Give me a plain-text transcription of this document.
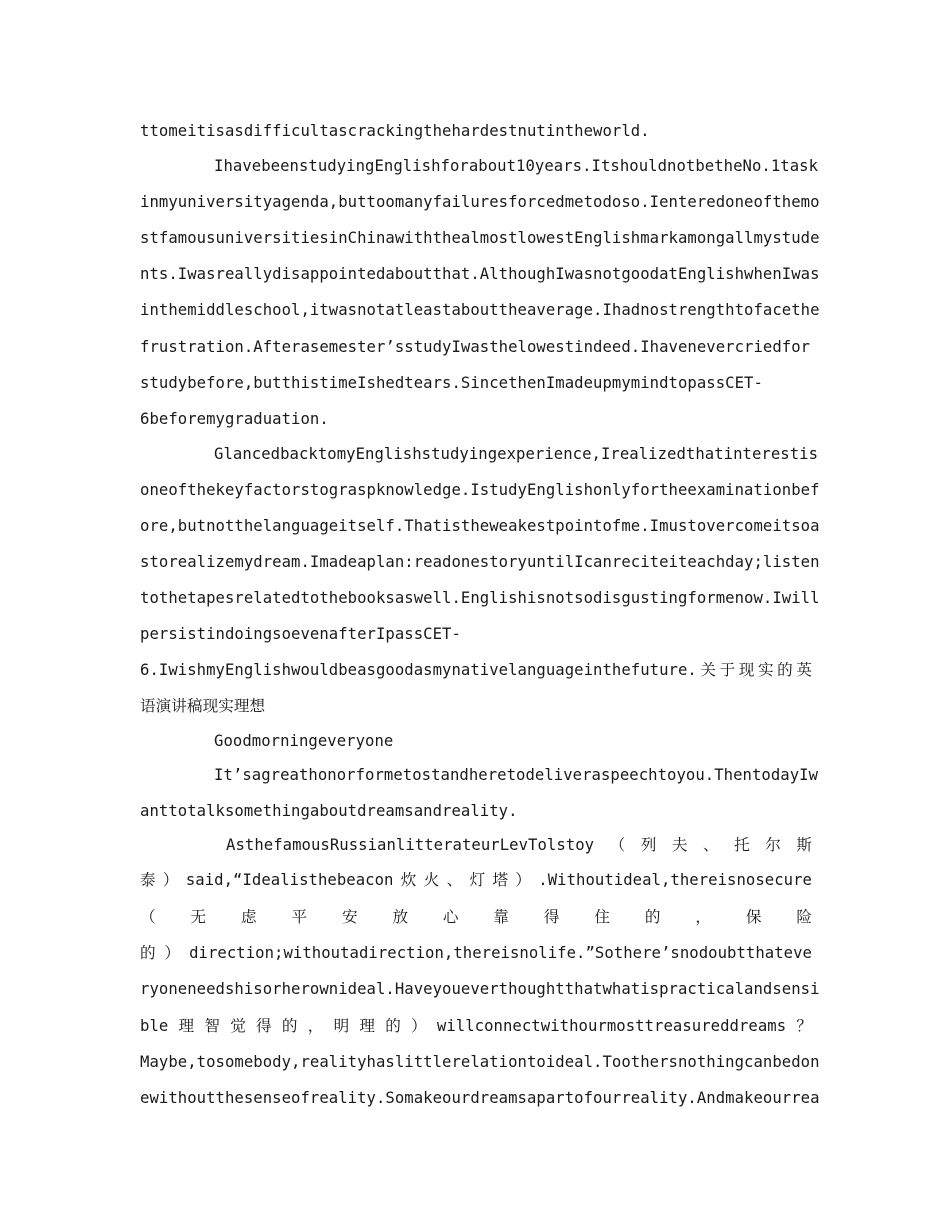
ttomeitisasdifficultascrackingthehardestnutintheworld.
IhavebeenstudyingEnglishforabout10years.ItshouldnotbetheNo.1task
inmyuniversityagenda,buttoomanyfailuresforcedmetodoso.Ienteredoneofthemo
stfamousuniversitiesinChinawiththealmostlowestEnglishmarkamongallmystude
nts.Iwasreallydisappointedaboutthat.AlthoughIwasnotgoodatEnglishwhenIwas
inthemiddleschool,itwasnotatleastabouttheaverage.Ihadnostrengthtofacethe
frustration.Afterasemester’sstudyIwasthelowestindeed.Ihavenevercriedfor
studybefore,butthistimeIshedtears.SincethenImadeupmymindtopassCET-
6beforemygraduation.
GlancedbacktomyEnglishstudyingexperience,Irealizedthatinterestis
oneofthekeyfactorstograspknowledge.IstudyEnglishonlyfortheexaminationbef
ore,butnotthelanguageitself.Thatistheweakestpointofme.Imustovercomeitsoa
storealizemydream.Imadeaplan:readonestoryuntilIcanreciteiteachday;listen
tothetapesrelatedtothebooksaswell.Englishisnotsodisgustingformenow.Iwill
persistindoingsoevenafterIpassCET-
6.IwishmyEnglishwouldbeasgoodasmynativelanguageinthefuture.关于现实的英
语演讲稿现实理想
Goodmorningeveryone
It’sagreathonorformetostandheretodeliveraspeechtoyou.ThentodayIw
anttotalksomethingaboutdreamsandreality.
AsthefamousRussianlitterateurLevTolstoy（列夫、托尔斯
泰）said,“Idealisthebeacon炊火、灯塔）.Withoutideal,thereisnosecure
（无虑平安放心靠得住的，保险
的）direction;withoutadirection,thereisnolife.”Sothere’snodoubtthateve
ryoneneedshisorherownideal.Haveyoueverthoughtthatwhatispracticalandsensi
ble理智觉得的，明理的）willconnectwithourmosttreasureddreams？
Maybe,tosomebody,realityhaslittlerelationtoideal.Toothersnothingcanbedon
ewithoutthesenseofreality.Somakeourdreamsapartofourreality.Andmakeourrea
